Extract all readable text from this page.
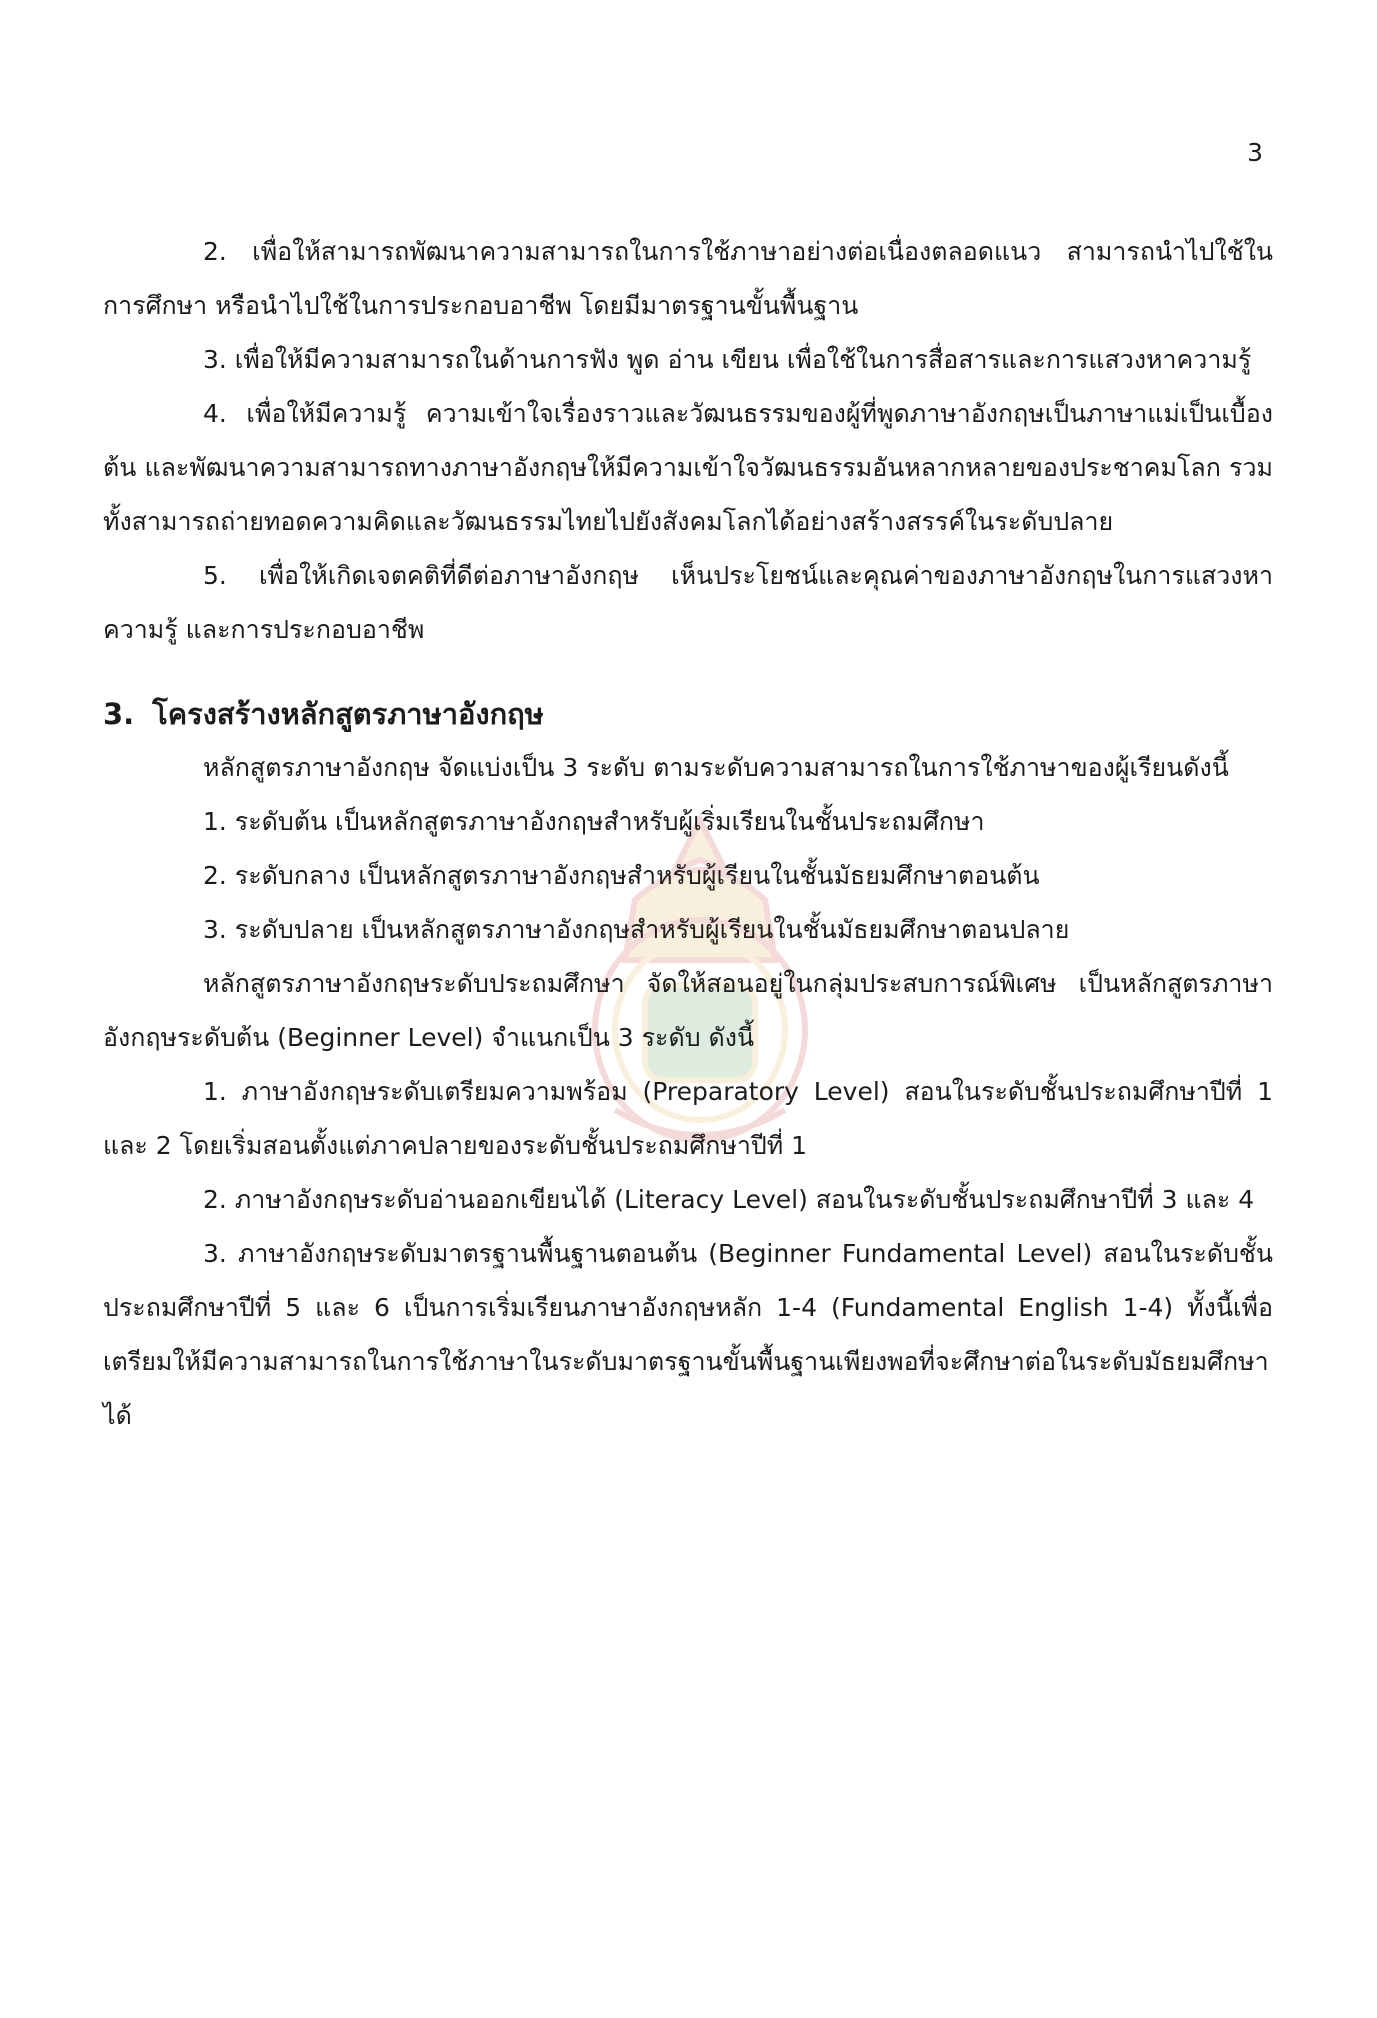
3

2. เพื่อให้สามารถพัฒนาความสามารถในการใช้ภาษาอย่างต่อเนื่องตลอดแนว สามารถนำไปใช้ในการศึกษา หรือนำไปใช้ในการประกอบอาชีพ โดยมีมาตรฐานขั้นพื้นฐาน

3. เพื่อให้มีความสามารถในด้านการฟัง พูด อ่าน เขียน เพื่อใช้ในการสื่อสารและการแสวงหาความรู้

4. เพื่อให้มีความรู้ ความเข้าใจเรื่องราวและวัฒนธรรมของผู้ที่พูดภาษาอังกฤษเป็นภาษาแม่เป็นเบื้องต้น และพัฒนาความสามารถทางภาษาอังกฤษให้มีความเข้าใจวัฒนธรรมอันหลากหลายของประชาคมโลก รวมทั้งสามารถถ่ายทอดความคิดและวัฒนธรรมไทยไปยังสังคมโลกได้อย่างสร้างสรรค์ในระดับปลาย

5. เพื่อให้เกิดเจตคติที่ดีต่อภาษาอังกฤษ เห็นประโยชน์และคุณค่าของภาษาอังกฤษในการแสวงหาความรู้ และการประกอบอาชีพ

3. โครงสร้างหลักสูตรภาษาอังกฤษ

หลักสูตรภาษาอังกฤษ จัดแบ่งเป็น 3 ระดับ ตามระดับความสามารถในการใช้ภาษาของผู้เรียนดังนี้

1. ระดับต้น เป็นหลักสูตรภาษาอังกฤษสำหรับผู้เริ่มเรียนในชั้นประถมศึกษา

2. ระดับกลาง เป็นหลักสูตรภาษาอังกฤษสำหรับผู้เรียนในชั้นมัธยมศึกษาตอนต้น

3. ระดับปลาย เป็นหลักสูตรภาษาอังกฤษสำหรับผู้เรียนในชั้นมัธยมศึกษาตอนปลาย

หลักสูตรภาษาอังกฤษระดับประถมศึกษา จัดให้สอนอยู่ในกลุ่มประสบการณ์พิเศษ เป็นหลักสูตรภาษาอังกฤษระดับต้น (Beginner Level) จำแนกเป็น 3 ระดับ ดังนี้

1. ภาษาอังกฤษระดับเตรียมความพร้อม (Preparatory Level) สอนในระดับชั้นประถมศึกษาปีที่ 1 และ 2 โดยเริ่มสอนตั้งแต่ภาคปลายของระดับชั้นประถมศึกษาปีที่ 1

2. ภาษาอังกฤษระดับอ่านออกเขียนได้ (Literacy Level) สอนในระดับชั้นประถมศึกษาปีที่ 3 และ 4

3. ภาษาอังกฤษระดับมาตรฐานพื้นฐานตอนต้น (Beginner Fundamental Level) สอนในระดับชั้นประถมศึกษาปีที่ 5 และ 6 เป็นการเริ่มเรียนภาษาอังกฤษหลัก 1-4 (Fundamental English 1-4) ทั้งนี้เพื่อเตรียมให้มีความสามารถในการใช้ภาษาในระดับมาตรฐานขั้นพื้นฐานเพียงพอที่จะศึกษาต่อในระดับมัธยมศึกษาได้
